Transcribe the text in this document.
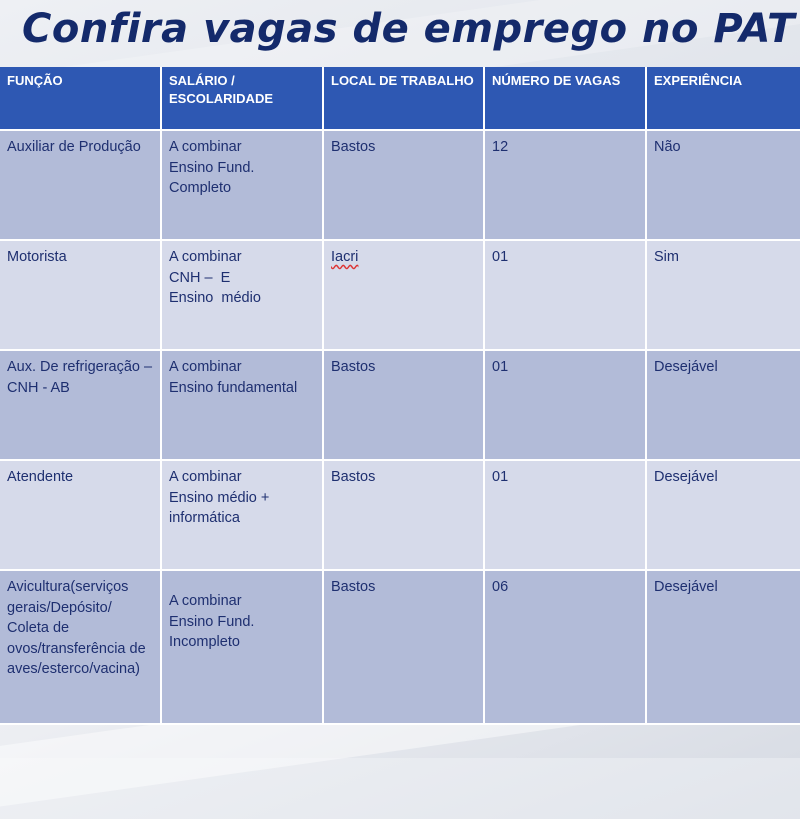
Confira vagas de emprego no PAT
FUNÇÃO	SALÁRIO / ESCOLARIDADE	LOCAL DE TRABALHO	NÚMERO DE VAGAS	EXPERIÊNCIA
Auxiliar de Produção	A combinar
Ensino Fund.
Completo	Bastos	12	Não
Motorista	A combinar
CNH –  E
Ensino  médio	Iacri	01	Sim
Aux. De refrigeração – CNH - AB	A combinar
Ensino fundamental	Bastos	01	Desejável
Atendente	A combinar
Ensino médio +
informática	Bastos	01	Desejável
Avicultura(serviços gerais/Depósito/ Coleta de ovos/transferência de aves/esterco/vacina)	A combinar
Ensino Fund.
Incompleto	Bastos	06	Desejável
